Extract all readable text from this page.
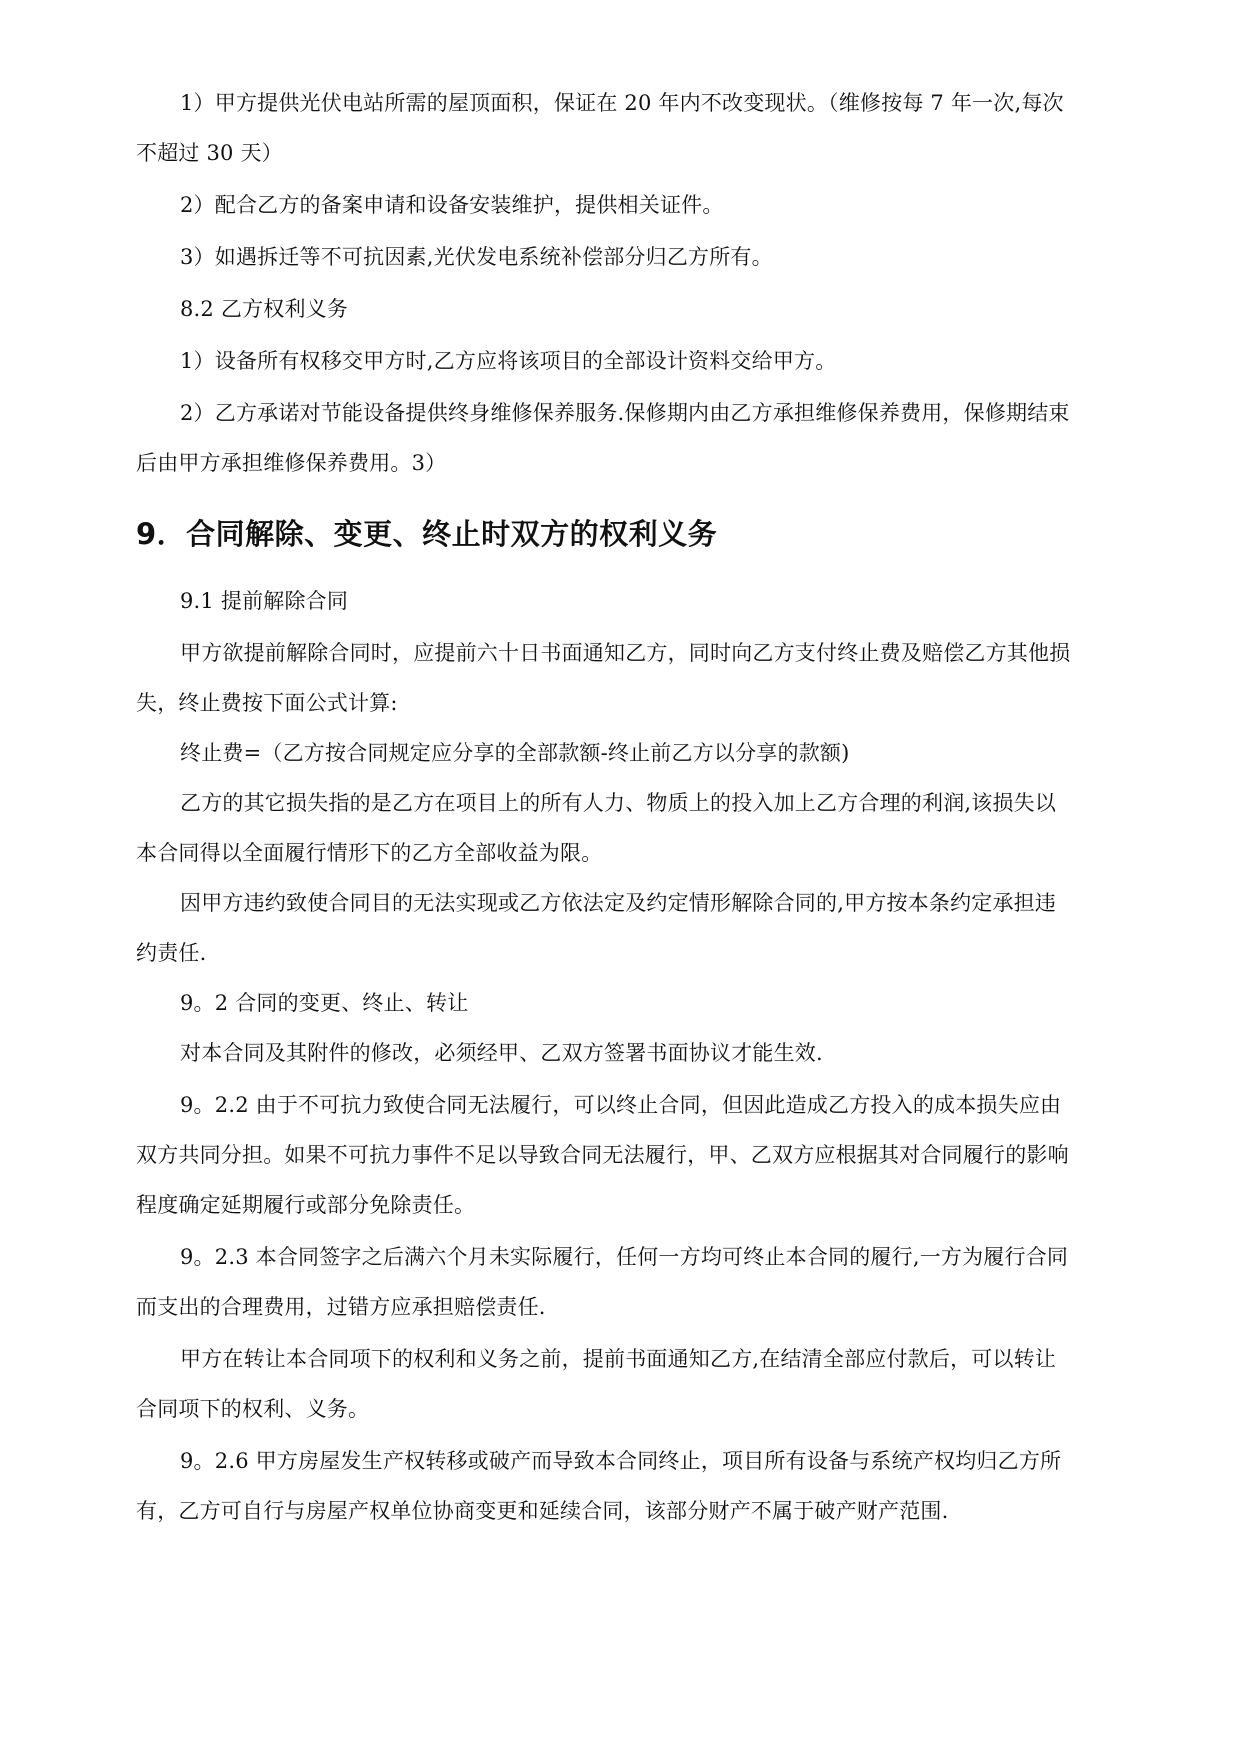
1）甲方提供光伏电站所需的屋顶面积，保证在 20 年内不改变现状。（维修按每 7 年一次,每次不超过 30 天）

2）配合乙方的备案申请和设备安装维护，提供相关证件。

3）如遇拆迁等不可抗因素,光伏发电系统补偿部分归乙方所有。

8.2 乙方权利义务

1）设备所有权移交甲方时,乙方应将该项目的全部设计资料交给甲方。

2）乙方承诺对节能设备提供终身维修保养服务.保修期内由乙方承担维修保养费用，保修期结束后由甲方承担维修保养费用。3）

9．合同解除、变更、终止时双方的权利义务

9.1 提前解除合同

甲方欲提前解除合同时，应提前六十日书面通知乙方，同时向乙方支付终止费及赔偿乙方其他损失，终止费按下面公式计算:

终止费=（乙方按合同规定应分享的全部款额-终止前乙方以分享的款额)

乙方的其它损失指的是乙方在项目上的所有人力、物质上的投入加上乙方合理的利润,该损失以本合同得以全面履行情形下的乙方全部收益为限。

因甲方违约致使合同目的无法实现或乙方依法定及约定情形解除合同的,甲方按本条约定承担违约责任.

9。2 合同的变更、终止、转让

对本合同及其附件的修改，必须经甲、乙双方签署书面协议才能生效.

9。2.2 由于不可抗力致使合同无法履行，可以终止合同，但因此造成乙方投入的成本损失应由双方共同分担。如果不可抗力事件不足以导致合同无法履行，甲、乙双方应根据其对合同履行的影响程度确定延期履行或部分免除责任。

9。2.3 本合同签字之后满六个月未实际履行，任何一方均可终止本合同的履行,一方为履行合同而支出的合理费用，过错方应承担赔偿责任.

甲方在转让本合同项下的权利和义务之前，提前书面通知乙方,在结清全部应付款后，可以转让合同项下的权利、义务。

9。2.6 甲方房屋发生产权转移或破产而导致本合同终止，项目所有设备与系统产权均归乙方所有，乙方可自行与房屋产权单位协商变更和延续合同，该部分财产不属于破产财产范围.
